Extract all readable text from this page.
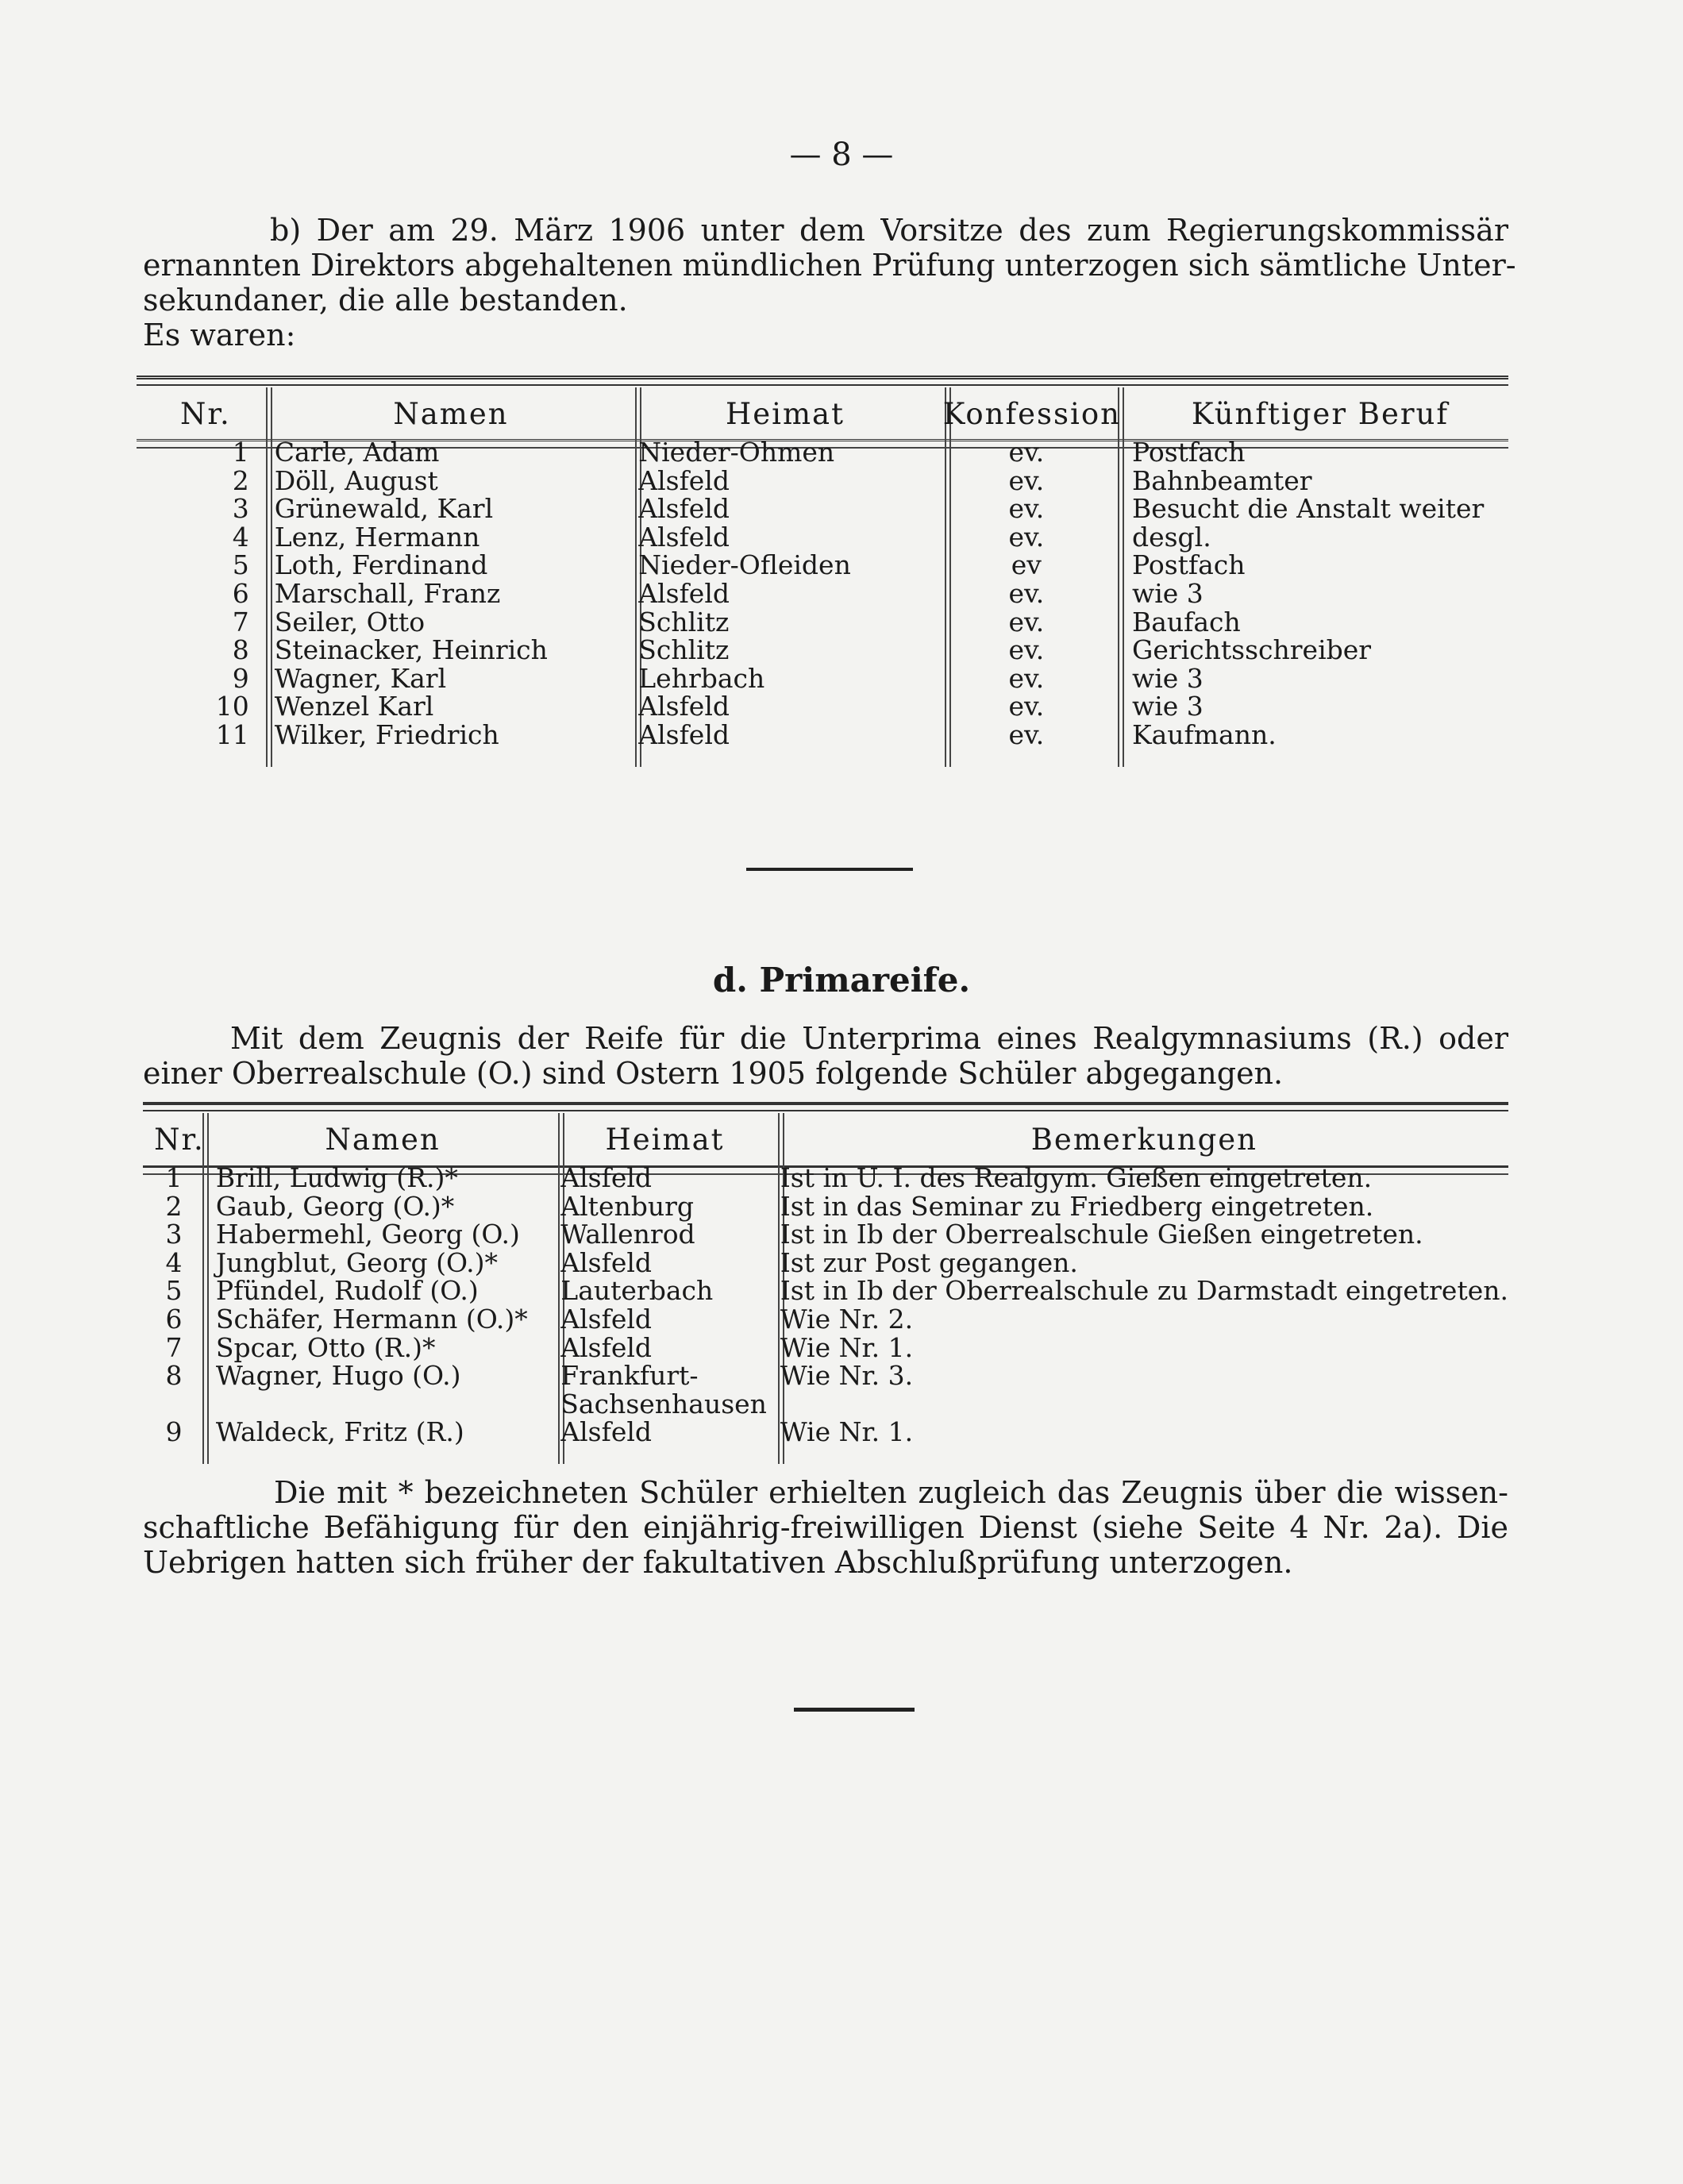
— 8 —
b) Der am 29. März 1906 unter dem Vorsitze des zum Regierungskommissär
ernannten Direktors abgehaltenen mündlichen Prüfung unterzogen sich sämtliche Unter-
sekundaner, die alle bestanden.
Es waren:
Nr.	Namen	Heimat	Konfession	Künftiger Beruf
1	Carle, Adam	Nieder-Ohmen	ev.	Postfach
2	Döll, August	Alsfeld	ev.	Bahnbeamter
3	Grünewald, Karl	Alsfeld	ev.	Besucht die Anstalt weiter
4	Lenz, Hermann	Alsfeld	ev.	desgl.
5	Loth, Ferdinand	Nieder-Ofleiden	ev	Postfach
6	Marschall, Franz	Alsfeld	ev.	wie 3
7	Seiler, Otto	Schlitz	ev.	Baufach
8	Steinacker, Heinrich	Schlitz	ev.	Gerichtsschreiber
9	Wagner, Karl	Lehrbach	ev.	wie 3
10	Wenzel Karl	Alsfeld	ev.	wie 3
11	Wilker, Friedrich	Alsfeld	ev.	Kaufmann.
d. Primareife.
Mit dem Zeugnis der Reife für die Unterprima eines Realgymnasiums (R.) oder
einer Oberrealschule (O.) sind Ostern 1905 folgende Schüler abgegangen.
Nr.	Namen	Heimat	Bemerkungen
1	Brill, Ludwig (R.)*	Alsfeld	Ist in U. I. des Realgym. Gießen eingetreten.
2	Gaub, Georg (O.)*	Altenburg	Ist in das Seminar zu Friedberg eingetreten.
3	Habermehl, Georg (O.)	Wallenrod	Ist in Ib der Oberrealschule Gießen eingetreten.
4	Jungblut, Georg (O.)*	Alsfeld	Ist zur Post gegangen.
5	Pfündel, Rudolf (O.)	Lauterbach	Ist in Ib der Oberrealschule zu Darmstadt eingetreten.
6	Schäfer, Hermann (O.)*	Alsfeld	Wie Nr. 2.
7	Spcar, Otto (R.)*	Alsfeld	Wie Nr. 1.
8	Wagner, Hugo (O.)	Frankfurt-	Wie Nr. 3.
		Sachsenhausen	
9	Waldeck, Fritz (R.)	Alsfeld	Wie Nr. 1.
Die mit * bezeichneten Schüler erhielten zugleich das Zeugnis über die wissen-
schaftliche Befähigung für den einjährig-freiwilligen Dienst (siehe Seite 4 Nr. 2a). Die
Uebrigen hatten sich früher der fakultativen Abschlußprüfung unterzogen.
